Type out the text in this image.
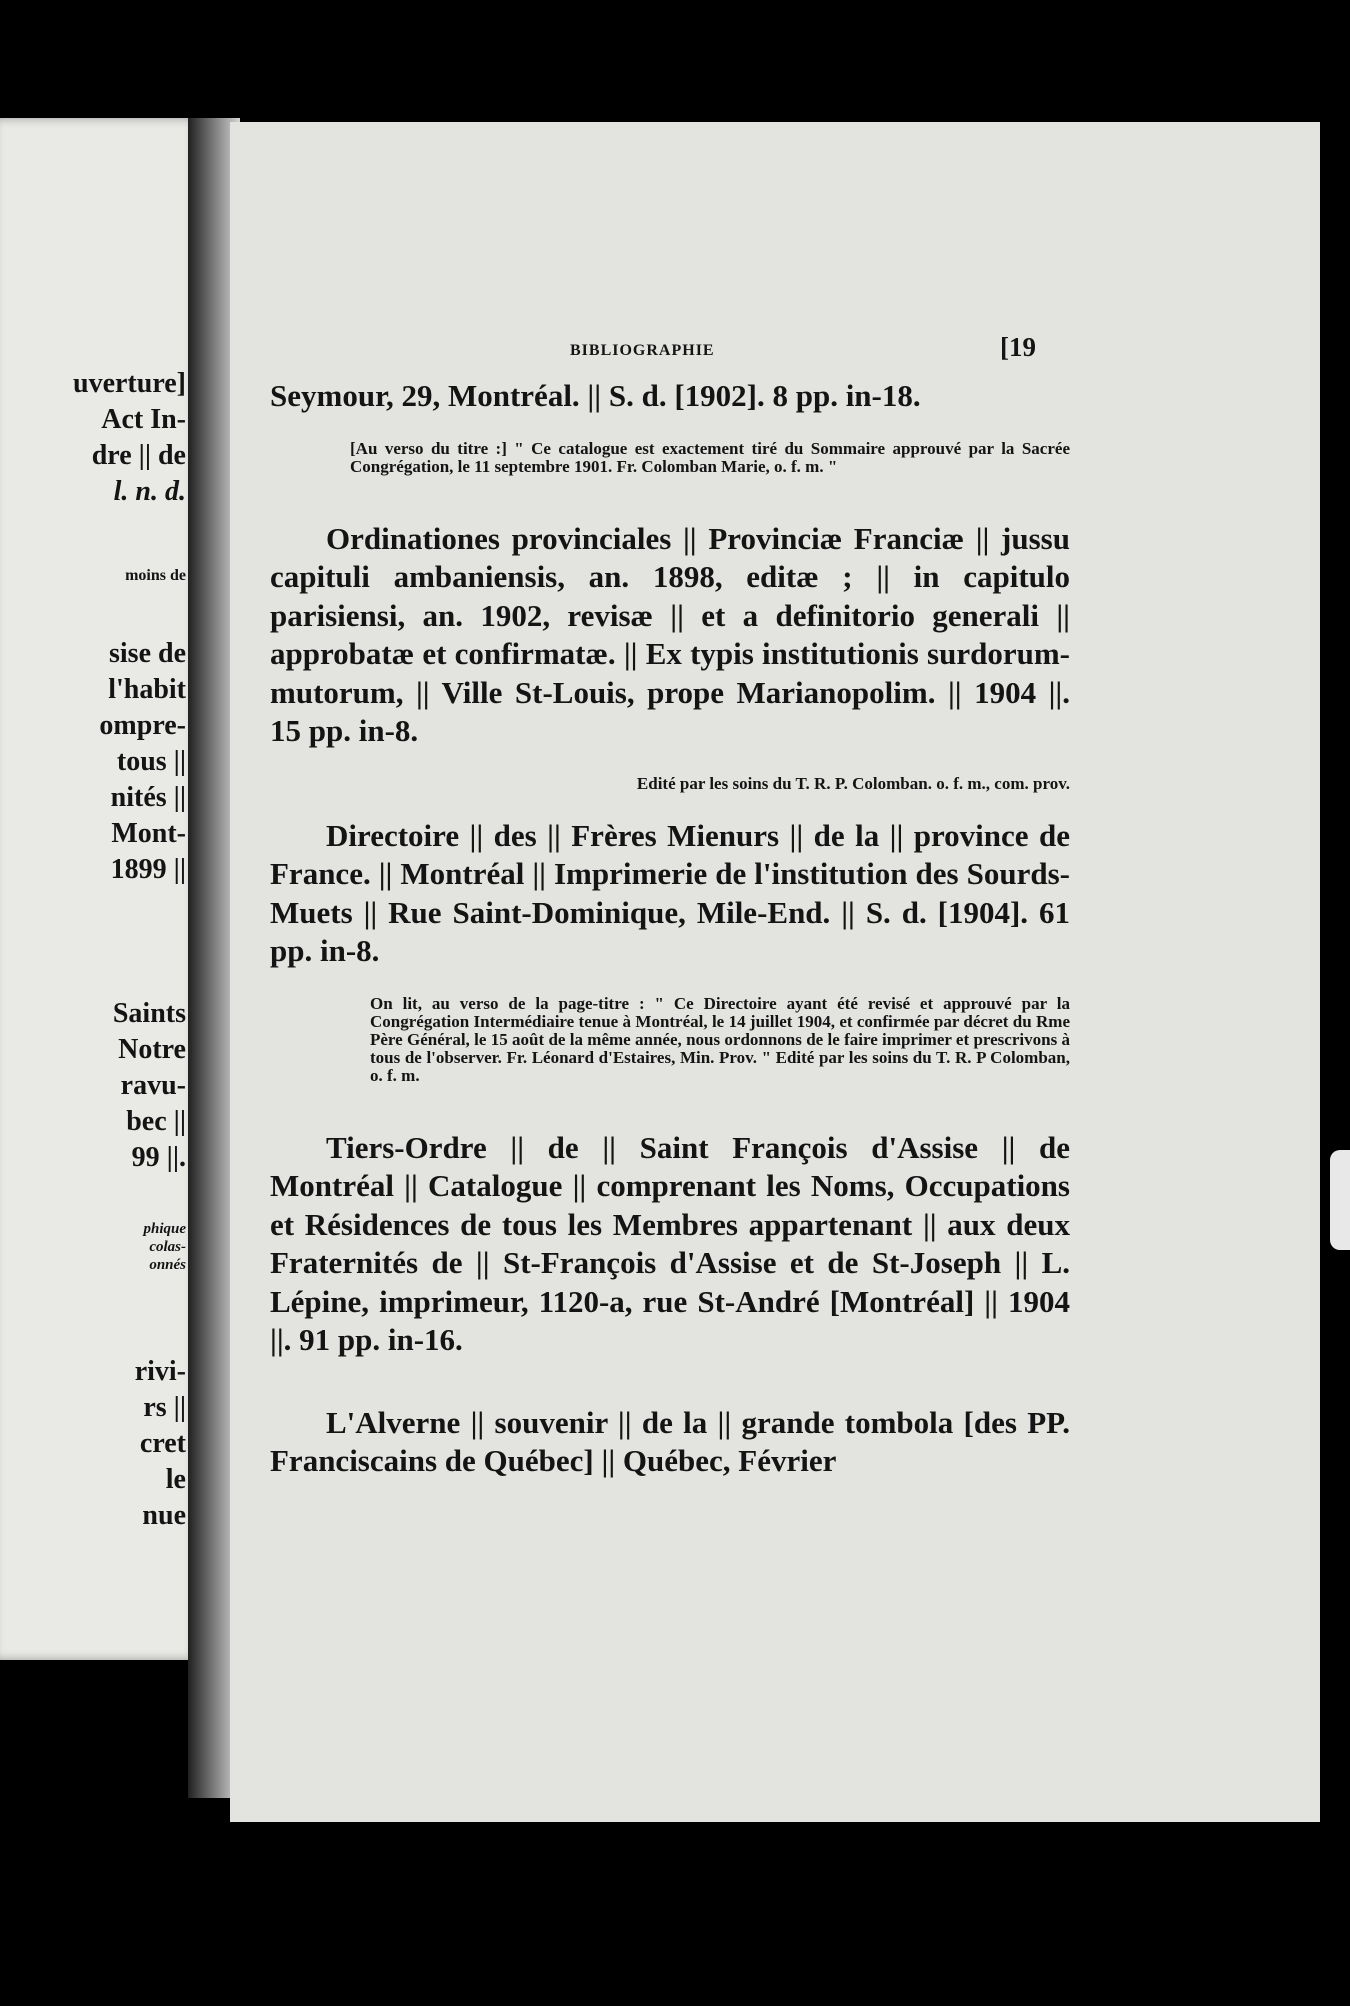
uverture]
Act In-
dre || de
l. n. d.
moins de
sise de
l'habit
ompre-
tous ||
nités ||
Mont-
1899 ||
Saints
Notre
ravu-
bec ||
99 ||.
phique
colas-
onnés
rivi-
rs ||
cret
le
nue
BIBLIOGRAPHIE	[19

Seymour, 29, Montréal. || S. d. [1902]. 8 pp. in-18.

[Au verso du titre :] " Ce catalogue est exactement tiré du Sommaire approuvé par la Sacrée Congrégation, le 11 septembre 1901. Fr. Colomban Marie, o. f. m. "

Ordinationes provinciales || Provinciæ Franciæ || jussu capituli ambaniensis, an. 1898, editæ ; || in capitulo parisiensi, an. 1902, revisæ || et a definitorio generali || approbatæ et confirmatæ. || Ex typis institutionis surdorum-mutorum, || Ville St-Louis, prope Marianopolim. || 1904 ||. 15 pp. in-8.

Edité par les soins du T. R. P. Colomban. o. f. m., com. prov.

Directoire || des || Frères Mienurs || de la || province de France. || Montréal || Imprimerie de l'institution des Sourds-Muets || Rue Saint-Dominique, Mile-End. || S. d. [1904]. 61 pp. in-8.

On lit, au verso de la page-titre : " Ce Directoire ayant été revisé et approuvé par la Congrégation Intermédiaire tenue à Montréal, le 14 juillet 1904, et confirmée par décret du Rme Père Général, le 15 août de la même année, nous ordonnons de le faire imprimer et prescrivons à tous de l'observer. Fr. Léonard d'Estaires, Min. Prov. " Edité par les soins du T. R. P Colomban, o. f. m.

Tiers-Ordre || de || Saint François d'Assise || de Montréal || Catalogue || comprenant les Noms, Occupations et Résidences de tous les Membres appartenant || aux deux Fraternités de || St-François d'Assise et de St-Joseph || L. Lépine, imprimeur, 1120-a, rue St-André [Montréal] || 1904 ||. 91 pp. in-16.

L'Alverne || souvenir || de la || grande tombola [des PP. Franciscains de Québec] || Québec, Février
